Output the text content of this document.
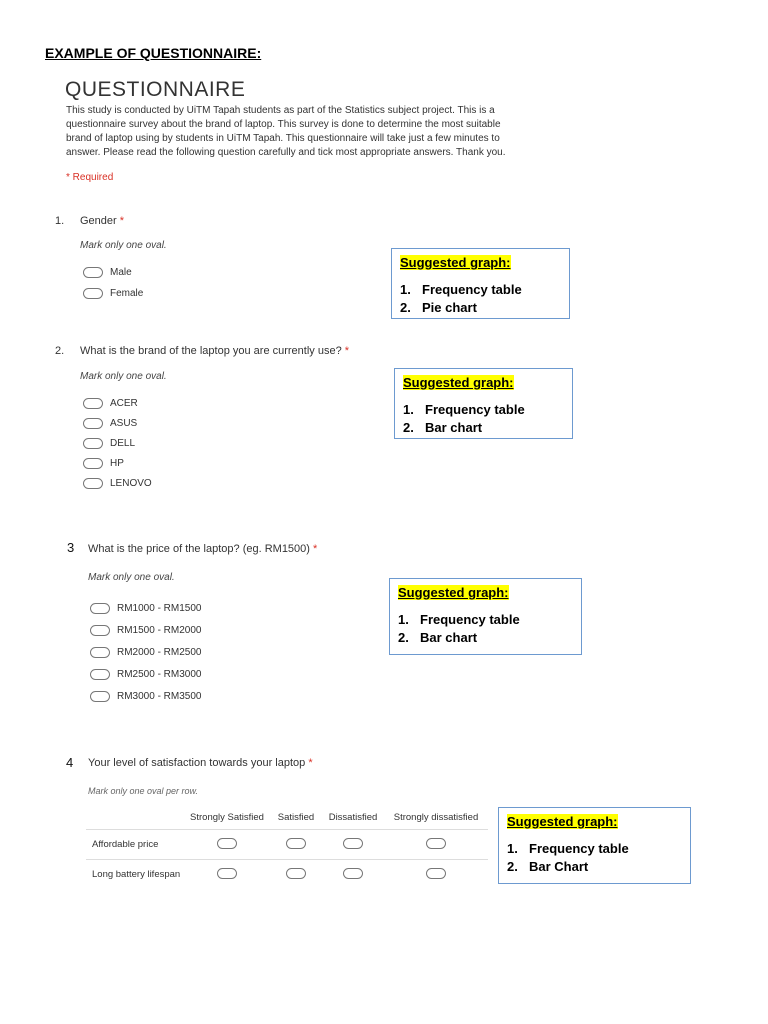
EXAMPLE OF QUESTIONNAIRE:
QUESTIONNAIRE
This study is conducted by UiTM Tapah students as part of the Statistics subject project. This is a questionnaire survey about the brand of laptop. This survey is done to determine the most suitable brand of laptop using by students in UiTM Tapah. This questionnaire will take just a few minutes to answer. Please read the following question carefully and tick most appropriate answers. Thank you.
* Required
1. Gender *
Mark only one oval.
Male
Female
Suggested graph:
1. Frequency table
2. Pie chart
2. What is the brand of the laptop you are currently use? *
Mark only one oval.
ACER
ASUS
DELL
HP
LENOVO
Suggested graph:
1. Frequency table
2. Bar chart
3 What is the price of the laptop? (eg. RM1500) *
Mark only one oval.
RM1000 - RM1500
RM1500 - RM2000
RM2000 - RM2500
RM2500 - RM3000
RM3000 - RM3500
Suggested graph:
1. Frequency table
2. Bar chart
4 Your level of satisfaction towards your laptop *
Mark only one oval per row.
	Strongly Satisfied	Satisfied	Dissatisfied	Strongly dissatisfied
Affordable price				
Long battery lifespan				
Suggested graph:
1. Frequency table
2. Bar Chart
